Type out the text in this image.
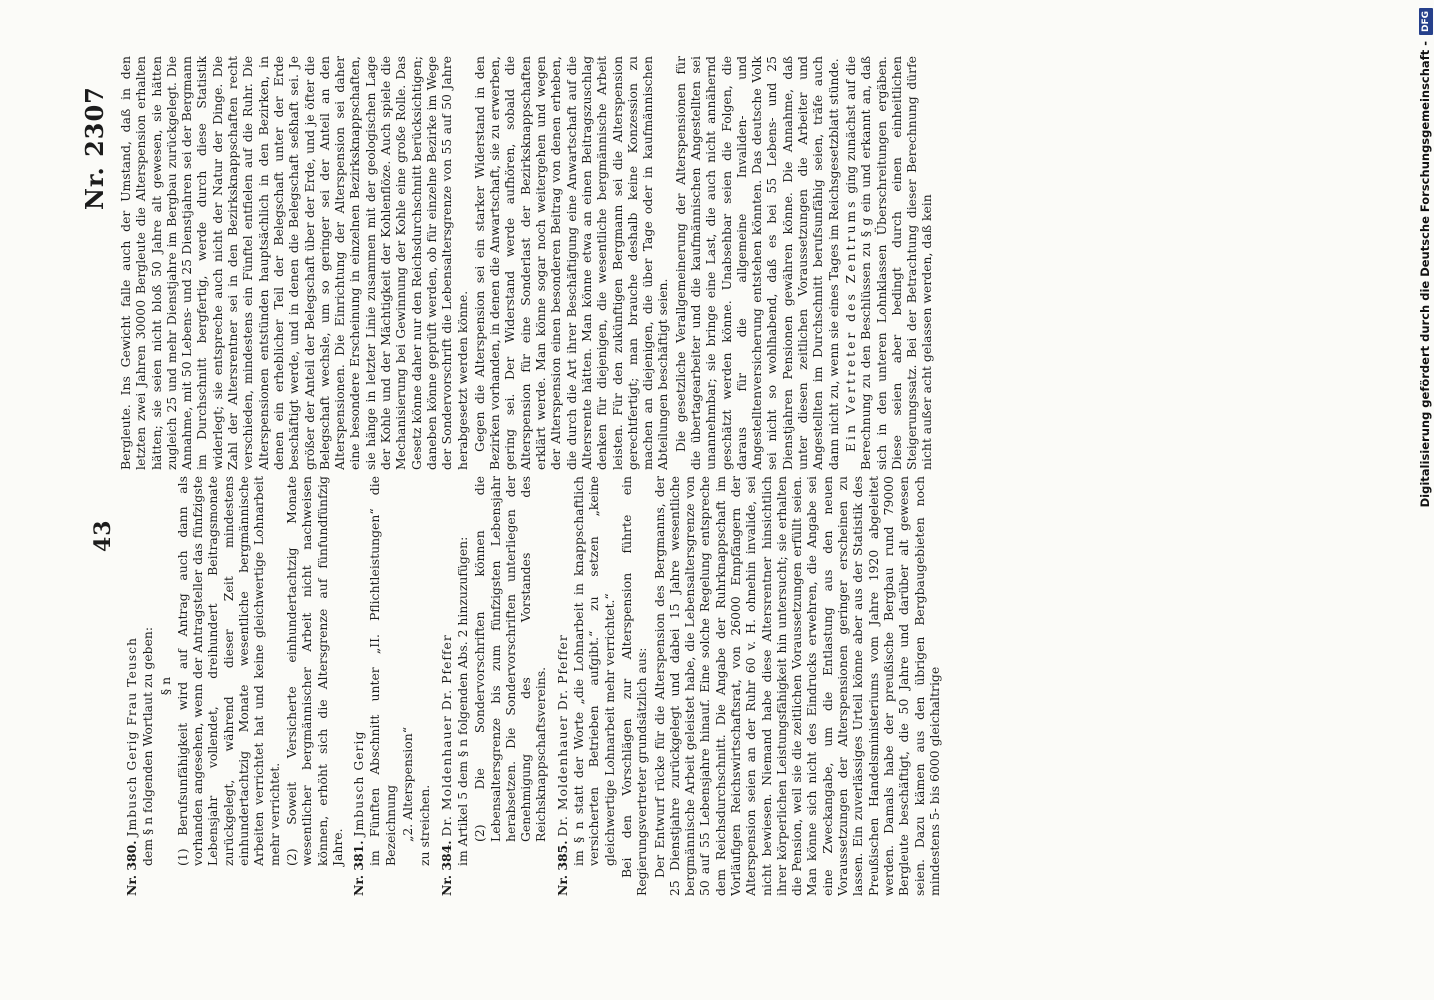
43
Nr. 2307

Nr. 380. Jmbusch Gerig Frau Teusch dem § n folgenden Wortlaut zu geben: § n (1) Berufsunfähigkeit wird auf Antrag auch dann als vorhanden angesehen, wenn der Antragsteller das fünfzigste Lebensjahr vollendet, dreihundert Beitragsmonate zurückgelegt, während dieser Zeit mindestens einhundertachtzig Monate wesentliche bergmännische Arbeiten verrichtet hat und keine gleichwertige Lohnarbeit mehr verrichtet. (2) Soweit Versicherte einhundertachtzig Monate wesentlicher bergmännischer Arbeit nicht nachweisen können, erhöht sich die Altersgrenze auf fünfundfünfzig Jahre. Nr. 381. Jmbusch Gerig im Fünften Abschnitt unter „II. Pflichtleistungen“ die Bezeichnung „2. Alterspension“ zu streichen.

Nr. 384. Dr. Moldenhauer Dr. Pfeffer im Artikel 5 dem § n folgenden Abs. 2 hinzuzufügen: (2) Die Sondervorschriften können die Lebensaltersgrenze bis zum fünfzigsten Lebensjahr herabsetzen. Die Sondervorschriften unterliegen der Genehmigung des Vorstandes des Reichsknappschaftsvereins.

Nr. 385. Dr. Moldenhauer Dr. Pfeffer im § n statt der Worte „die Lohnarbeit in knappschaftlich versicherten Betrieben aufgibt.“ zu setzen „keine gleichwertige Lohnarbeit mehr verrichtet.“ Bei den Vorschlägen zur Alterspension führte ein Regierungsvertreter grundsätzlich aus: Der Entwurf rücke für die Alterspension des Bergmanns, der 25 Dienstjahre zurückgelegt und dabei 15 Jahre wesentliche bergmännische Arbeit geleistet habe, die Lebensaltersgrenze von 50 auf 55 Lebensjahre hinauf. Eine solche Regelung entspreche dem Reichsdurchschnitt. Die Angabe der Ruhrknappschaft im Vorläufigen Reichswirtschaftsrat, von 26000 Empfängern der Alterspension seien an der Ruhr 60 v. H. ohnehin invalide, sei nicht bewiesen. Niemand habe diese Altersrentner hinsichtlich ihrer körperlichen Leistungsfähigkeit hin untersucht; sie erhalten die Pension, weil sie die zeitlichen Voraussetzungen erfüllt seien. Man könne sich nicht des Eindrucks erwehren, die Angabe sei eine Zweckangabe, um die Entlastung aus den neuen Voraussetzungen der Alterspensionen geringer erscheinen zu lassen. Ein zuverlässiges Urteil könne aber aus der Statistik des Preußischen Handelsministeriums vom Jahre 1920 abgeleitet werden. Damals habe der preußische Bergbau rund 79000 Bergleute beschäftigt, die 50 Jahre und darüber alt gewesen seien. Dazu kämen aus den übrigen Bergbaugebieten noch mindestens 5- bis 6000 gleichaltrige

Bergleute. Ins Gewicht falle auch der Umstand, daß in den letzten zwei Jahren 30000 Bergleute die Alterspension erhalten hätten; sie seien nicht bloß 50 Jahre alt gewesen, sie hätten zugleich 25 und mehr Dienstjahre im Bergbau zurückgelegt. Die Annahme, mit 50 Lebens- und 25 Dienstjahren sei der Bergmann im Durchschnitt bergfertig, werde durch diese Statistik widerlegt; sie entspreche auch nicht der Natur der Dinge. Die Zahl der Altersrentner sei in den Bezirksknappschaften recht verschieden, mindestens ein Fünftel entfielen auf die Ruhr. Die Alterspensionen entstünden hauptsächlich in den Bezirken, in denen ein erheblicher Teil der Belegschaft unter der Erde beschäftigt werde, und in denen die Belegschaft seßhaft sei. Je größer der Anteil der Belegschaft über der Erde, und je öfter die Belegschaft wechsle, um so geringer sei der Anteil an den Alterspensionen. Die Einrichtung der Alterspension sei daher eine besondere Erscheinung in einzelnen Bezirksknappschaften, sie hänge in letzter Linie zusammen mit der geologischen Lage der Kohle und der Mächtigkeit der Kohlenflöze. Auch spiele die Mechanisierung bei Gewinnung der Kohle eine große Rolle. Das Gesetz könne daher nur den Reichsdurchschnitt berücksichtigen; daneben könne geprüft werden, ob für einzelne Bezirke im Wege der Sondervorschrift die Lebensaltersgrenze von 55 auf 50 Jahre herabgesetzt werden könne. Gegen die Alterspension sei ein starker Widerstand in den Bezirken vorhanden, in denen die Anwartschaft, sie zu erwerben, gering sei. Der Widerstand werde aufhören, sobald die Alterspension für eine Sonderlast der Bezirksknappschaften erklärt werde. Man könne sogar noch weitergehen und wegen der Alterspension einen besonderen Beitrag von denen erheben, die durch die Art ihrer Beschäftigung eine Anwartschaft auf die Altersrente hätten. Man könne etwa an einen Beitragszuschlag denken für diejenigen, die wesentliche bergmännische Arbeit leisten. Für den zukünftigen Bergmann sei die Alterspension gerechtfertigt; man brauche deshalb keine Konzession zu machen an diejenigen, die über Tage oder in kaufmännischen Abteilungen beschäftigt seien. Die gesetzliche Verallgemeinerung der Alterspensionen für die übertagearbeiter und die kaufmännischen Angestellten sei unannehmbar; sie bringe eine Last, die auch nicht annähernd geschätzt werden könne. Unabsehbar seien die Folgen, die daraus für die allgemeine Invaliden- und Angestelltenversicherung entstehen könnten. Das deutsche Volk sei nicht so wohlhabend, daß es bei 55 Lebens- und 25 Dienstjahren Pensionen gewähren könne. Die Annahme, daß unter diesen zeitlichen Voraussetzungen die Arbeiter und Angestellten im Durchschnitt berufsunfähig seien, träfe auch dann nicht zu, wenn sie eines Tages im Reichsgesetzblatt stünde. Ein Vertreter des Zentrums ging zunächst auf die Berechnung zu den Beschlüssen zu § g ein und erkannt an, daß sich in den unteren Lohnklassen Überschreitungen ergäben. Diese seien aber bedingt durch einen einheitlichen Steigerungssatz. Bei der Betrachtung dieser Berechnung dürfe nicht außer acht gelassen werden, daß kein	Digitalisierung gefördert durch die Deutsche Forschungsgemeinschaft -DFG
